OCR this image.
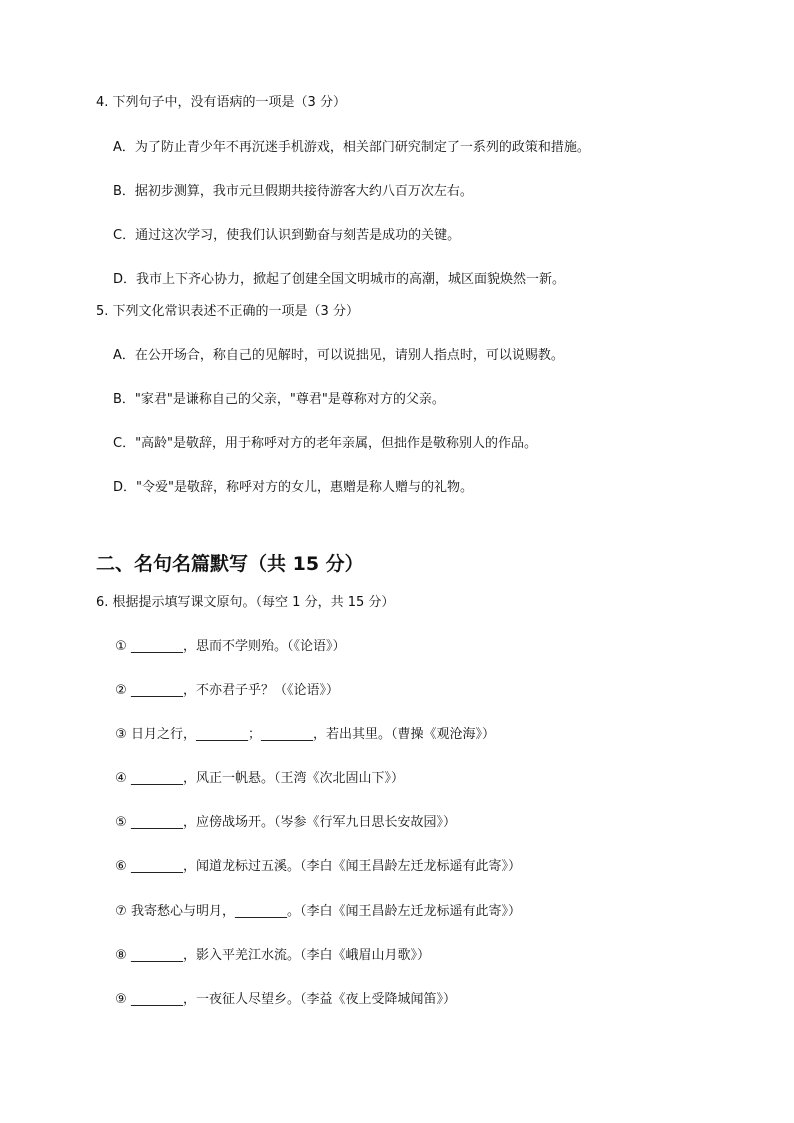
4. 下列句子中，没有语病的一项是（3 分）
A．为了防止青少年不再沉迷手机游戏，相关部门研究制定了一系列的政策和措施。
B．据初步测算，我市元旦假期共接待游客大约八百万次左右。
C．通过这次学习，使我们认识到勤奋与刻苦是成功的关键。
D．我市上下齐心协力，掀起了创建全国文明城市的高潮，城区面貌焕然一新。
5. 下列文化常识表述不正确的一项是（3 分）
A．在公开场合，称自己的见解时，可以说拙见，请别人指点时，可以说赐教。
B．"家君"是谦称自己的父亲，"尊君"是尊称对方的父亲。
C．"高龄"是敬辞，用于称呼对方的老年亲属，但拙作是敬称别人的作品。
D．"令爱"是敬辞，称呼对方的女儿，惠赠是称人赠与的礼物。
二、名句名篇默写（共 15 分）
6. 根据提示填写课文原句。（每空 1 分，共 15 分）
① ________，思而不学则殆。（《论语》）
② ________，不亦君子乎？（《论语》）
③ 日月之行，________；________，若出其里。（曹操《观沧海》）
④ ________，风正一帆悬。（王湾《次北固山下》）
⑤ ________，应傍战场开。（岑参《行军九日思长安故园》）
⑥ ________，闻道龙标过五溪。（李白《闻王昌龄左迁龙标遥有此寄》）
⑦ 我寄愁心与明月，________。（李白《闻王昌龄左迁龙标遥有此寄》）
⑧ ________，影入平羌江水流。（李白《峨眉山月歌》）
⑨ ________，一夜征人尽望乡。（李益《夜上受降城闻笛》）
